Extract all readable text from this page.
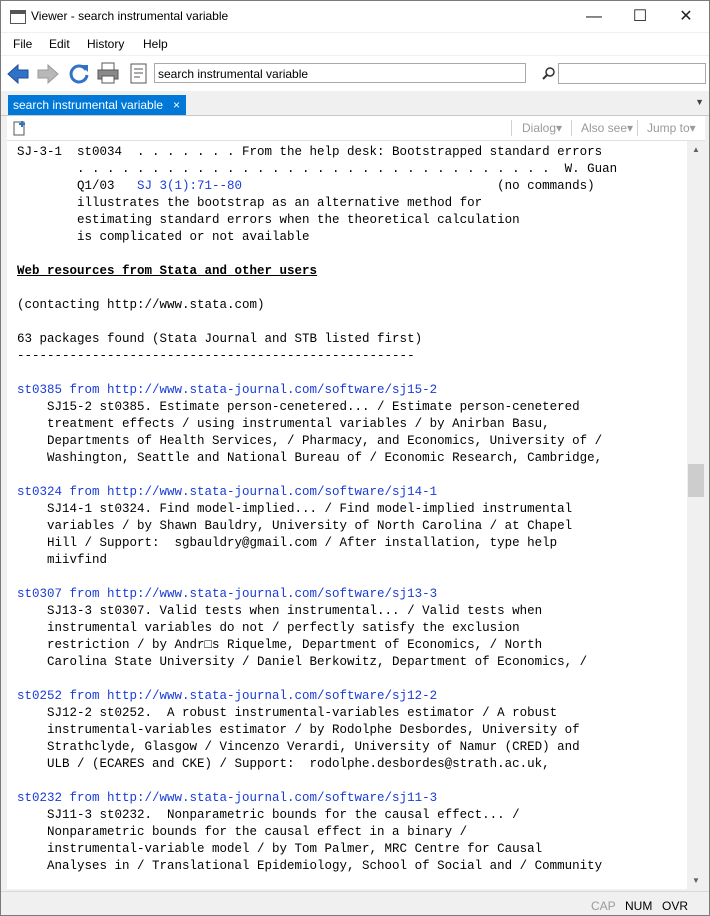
Viewer - search instrumental variable	—	☐	✕
File Edit History Help
search instrumental variable
search instrumental variable ×	▼
Dialog▾ Also see▾ Jump to▾
SJ-3-1  st0034  . . . . . . . From the help desk: Bootstrapped standard errors
. . . . . . . . . . . . . . . . . . . . . . . . . . . . . . . .  W. Guan
Q1/03   SJ 3(1):71--80                                  (no commands)
illustrates the bootstrap as an alternative method for
estimating standard errors when the theoretical calculation
is complicated or not available

Web resources from Stata and other users

(contacting http://www.stata.com)

63 packages found (Stata Journal and STB listed first)
-----------------------------------------------------

st0385 from http://www.stata-journal.com/software/sj15-2
SJ15-2 st0385. Estimate person-cenetered... / Estimate person-cenetered
treatment effects / using instrumental variables / by Anirban Basu,
Departments of Health Services, / Pharmacy, and Economics, University of /
Washington, Seattle and National Bureau of / Economic Research, Cambridge,

st0324 from http://www.stata-journal.com/software/sj14-1
SJ14-1 st0324. Find model-implied... / Find model-implied instrumental
variables / by Shawn Bauldry, University of North Carolina / at Chapel
Hill / Support:  sgbauldry@gmail.com / After installation, type help
miivfind

st0307 from http://www.stata-journal.com/software/sj13-3
SJ13-3 st0307. Valid tests when instrumental... / Valid tests when
instrumental variables do not / perfectly satisfy the exclusion
restriction / by Andr□s Riquelme, Department of Economics, / North
Carolina State University / Daniel Berkowitz, Department of Economics, /

st0252 from http://www.stata-journal.com/software/sj12-2
SJ12-2 st0252.  A robust instrumental-variables estimator / A robust
instrumental-variables estimator / by Rodolphe Desbordes, University of
Strathclyde, Glasgow / Vincenzo Verardi, University of Namur (CRED) and
ULB / (ECARES and CKE) / Support:  rodolphe.desbordes@strath.ac.uk,

st0232 from http://www.stata-journal.com/software/sj11-3
SJ11-3 st0232.  Nonparametric bounds for the causal effect... /
Nonparametric bounds for the causal effect in a binary /
instrumental-variable model / by Tom Palmer, MRC Centre for Causal
Analyses in / Translational Epidemiology, School of Social and / Community
▲
▼
CAP NUM OVR
